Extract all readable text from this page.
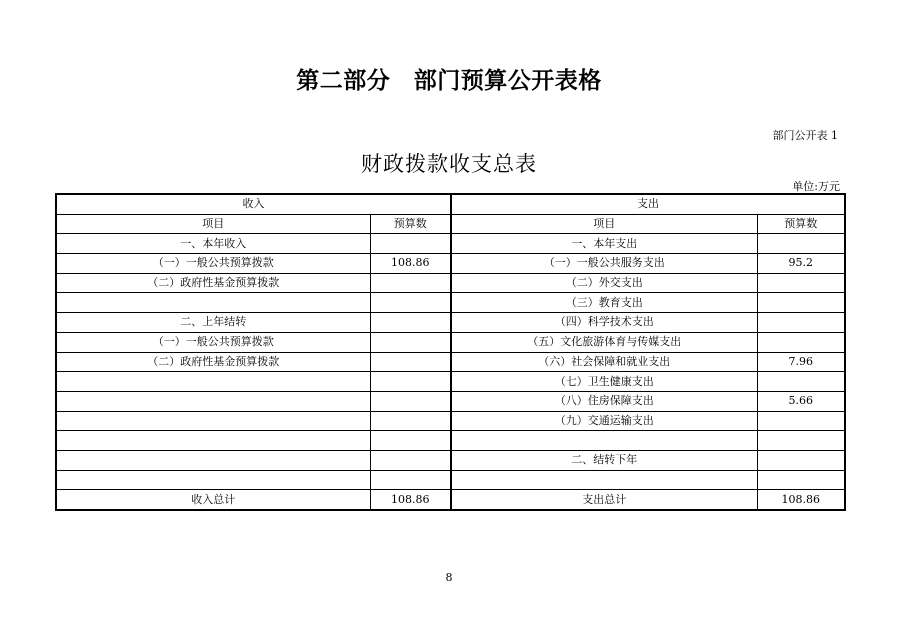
第二部分　部门预算公开表格
部门公开表 1
财政拨款收支总表
单位:万元
收入		支出	
项目	预算数	项目	预算数
一、本年收入		一、本年支出	
（一）一般公共预算拨款	108.86	（一）一般公共服务支出	95.2
（二）政府性基金预算拨款		（二）外交支出	
		（三）教育支出	
二、上年结转		（四）科学技术支出	
（一）一般公共预算拨款		（五）文化旅游体育与传媒支出	
（二）政府性基金预算拨款		（六）社会保障和就业支出	7.96
		（七）卫生健康支出	
		（八）住房保障支出	5.66
		（九）交通运输支出	

		二、结转下年	

收入总计	108.86	支出总计	108.86
8
